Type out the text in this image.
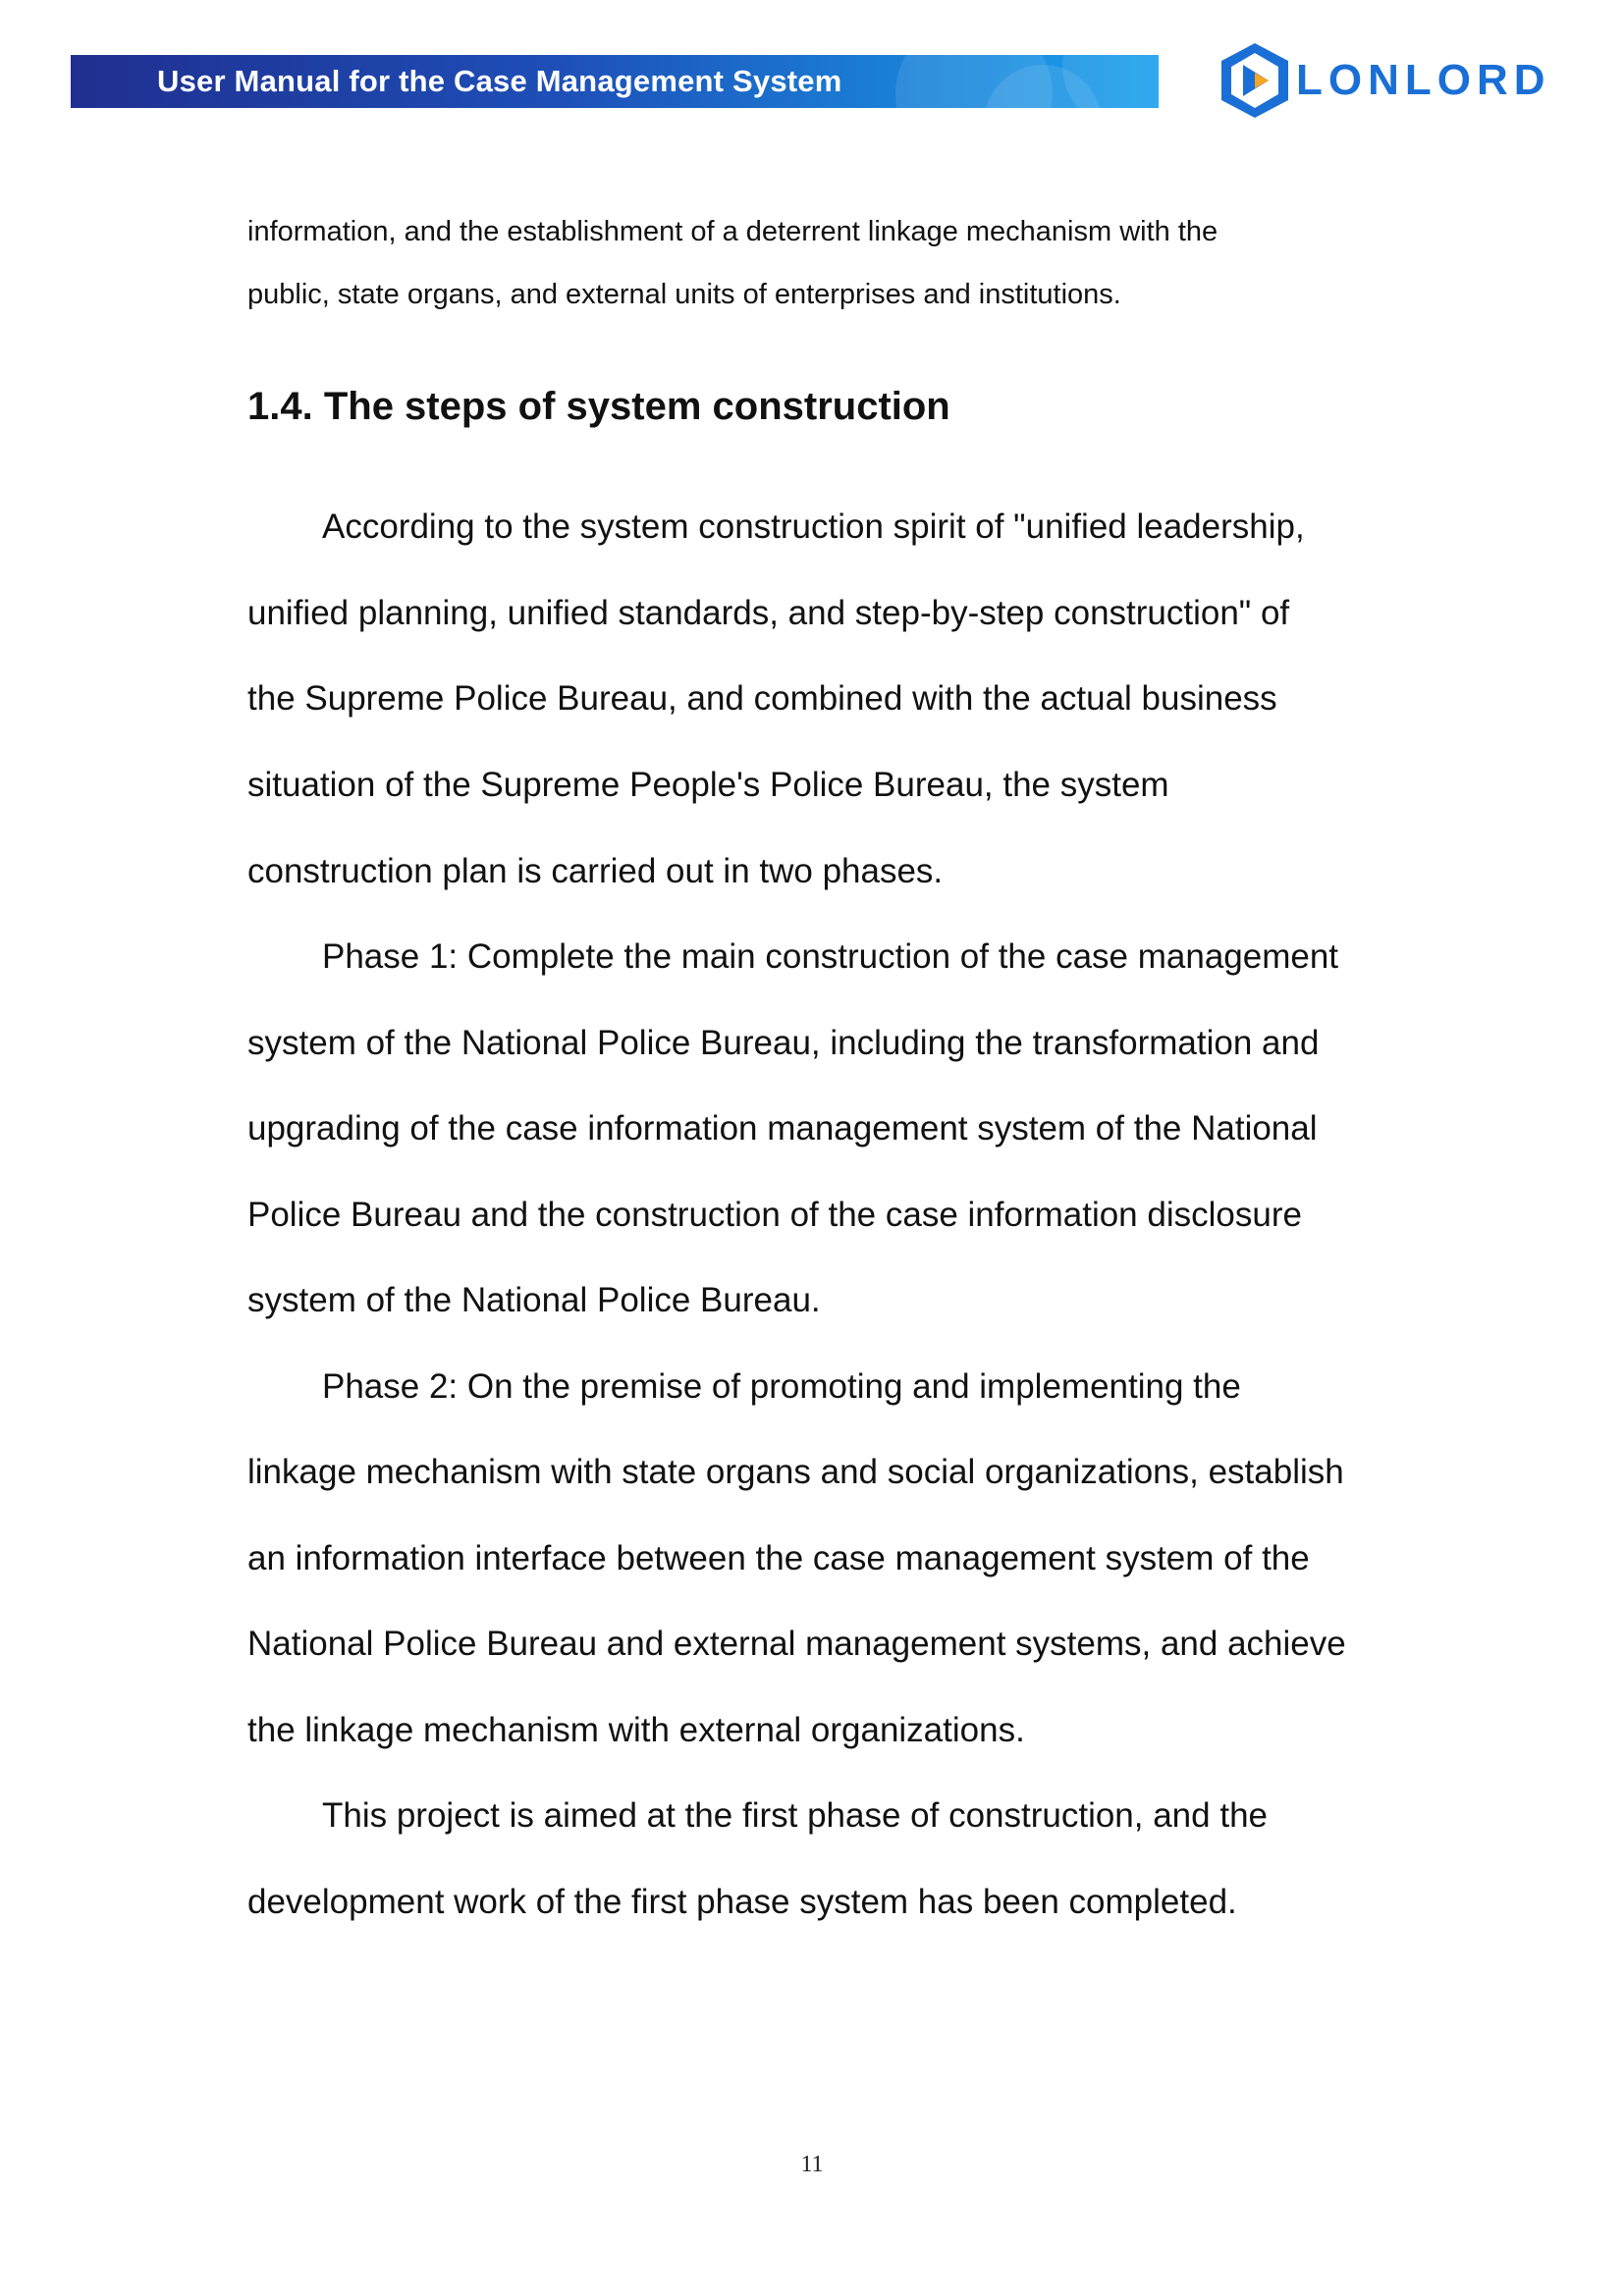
User Manual for the Case Management System	LONLORD
information, and the establishment of a deterrent linkage mechanism with the
public, state organs, and external units of enterprises and institutions.
1.4. The steps of system construction
According to the system construction spirit of "unified leadership,
unified planning, unified standards, and step-by-step construction" of
the Supreme Police Bureau, and combined with the actual business
situation of the Supreme People's Police Bureau, the system
construction plan is carried out in two phases.
Phase 1: Complete the main construction of the case management
system of the National Police Bureau, including the transformation and
upgrading of the case information management system of the National
Police Bureau and the construction of the case information disclosure
system of the National Police Bureau.
Phase 2: On the premise of promoting and implementing the
linkage mechanism with state organs and social organizations, establish
an information interface between the case management system of the
National Police Bureau and external management systems, and achieve
the linkage mechanism with external organizations.
This project is aimed at the first phase of construction, and the
development work of the first phase system has been completed.
11
